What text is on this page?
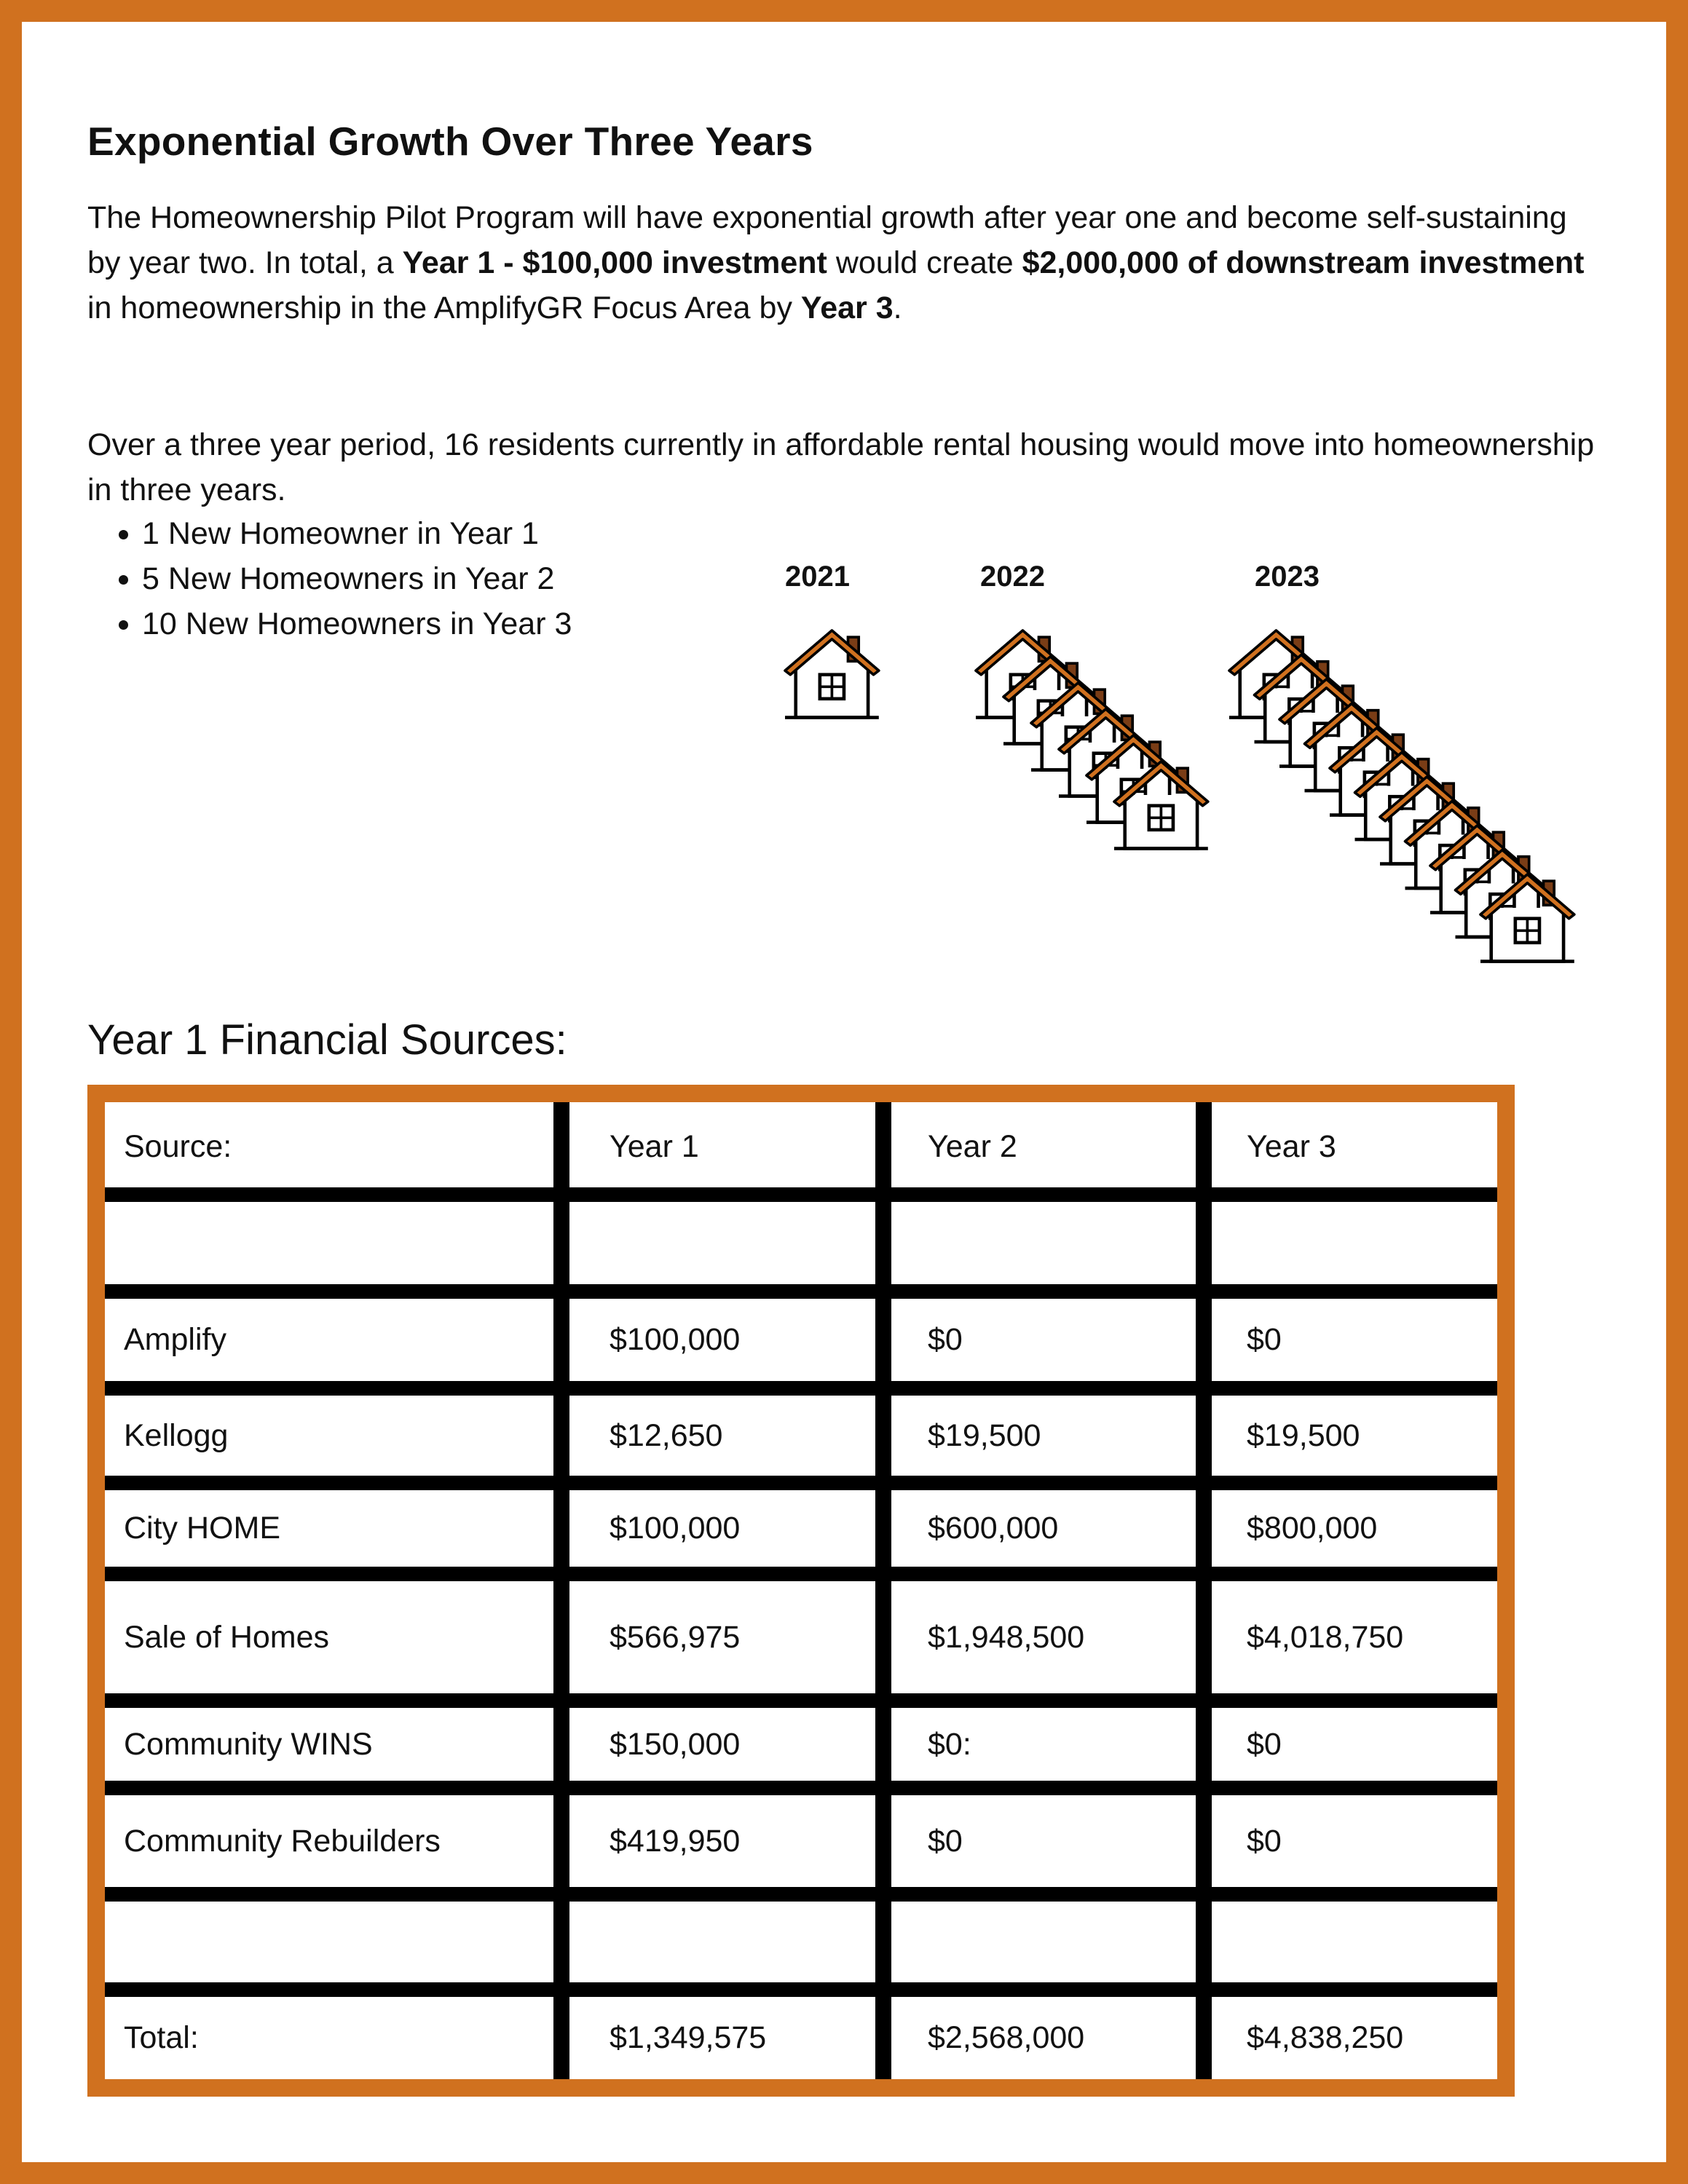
Exponential Growth Over Three Years

The Homeownership Pilot Program will have exponential growth after year one and become self-sustaining by year two. In total, a Year 1 - $100,000 investment would create $2,000,000 of downstream investment in homeownership in the AmplifyGR Focus Area by Year 3.

Over a three year period, 16 residents currently in affordable rental housing would move into homeownership in three years.

• 1 New Homeowner in Year 1
• 5 New Homeowners in Year 2
• 10 New Homeowners in Year 3
2021	2022	2023
Year 1 Financial Sources:
Source:	Year 1	Year 2	Year 3
Amplify	$100,000	$0	$0
Kellogg	$12,650	$19,500	$19,500
City HOME	$100,000	$600,000	$800,000
Sale of Homes	$566,975	$1,948,500	$4,018,750
Community WINS	$150,000	$0:	$0
Community Rebuilders	$419,950	$0	$0
Total:	$1,349,575	$2,568,000	$4,838,250
